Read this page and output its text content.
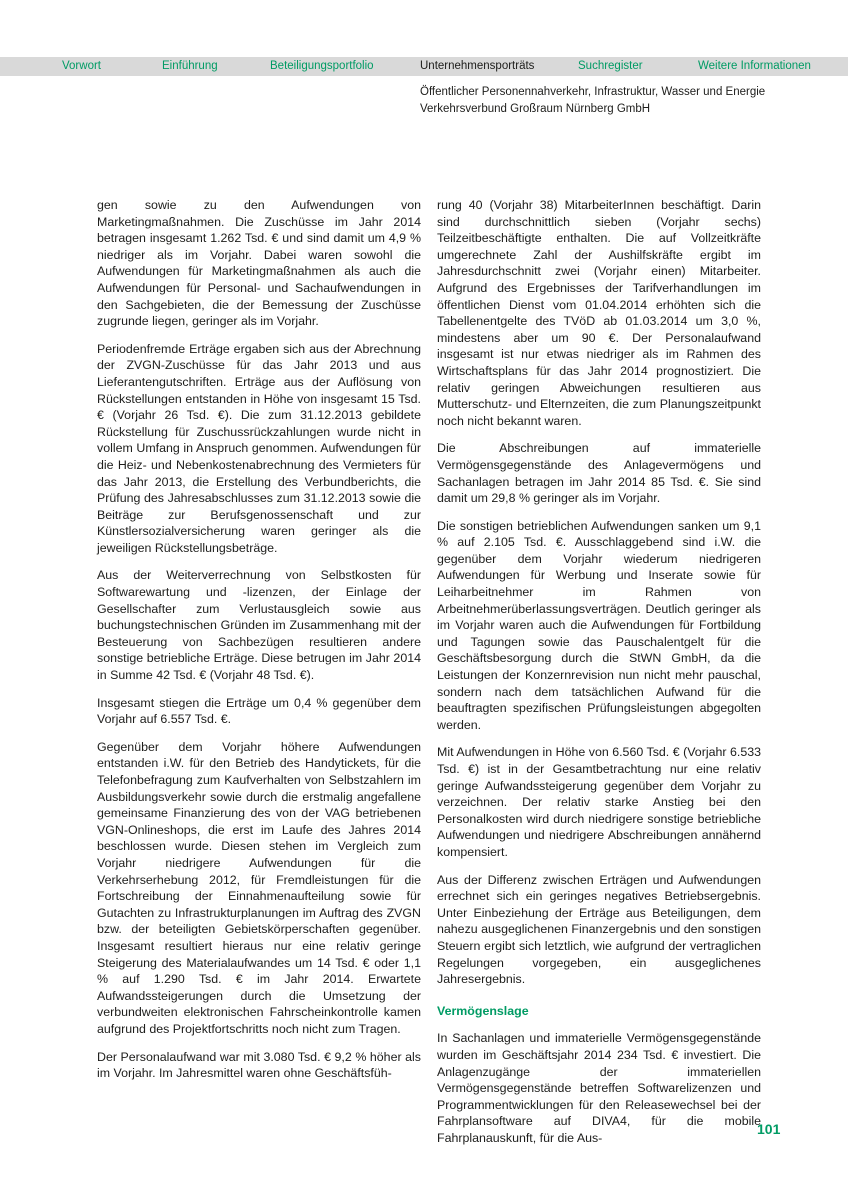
Vorwort	Einführung	Beteiligungsportfolio	Unternehmensporträts	Suchregister	Weitere Informationen
Öffentlicher Personennahverkehr, Infrastruktur, Wasser und Energie
Verkehrsverbund Großraum Nürnberg GmbH

gen sowie zu den Aufwendungen von Marketingmaßnahmen. Die Zuschüsse im Jahr 2014 betragen insgesamt 1.262 Tsd. € und sind damit um 4,9 % niedriger als im Vorjahr. Dabei waren sowohl die Aufwendungen für Marketingmaßnahmen als auch die Aufwendungen für Personal- und Sachaufwendungen in den Sachgebieten, die der Bemessung der Zuschüsse zugrunde liegen, geringer als im Vorjahr.

Periodenfremde Erträge ergaben sich aus der Abrechnung der ZVGN-Zuschüsse für das Jahr 2013 und aus Lieferantengutschriften. Erträge aus der Auflösung von Rückstellungen entstanden in Höhe von insgesamt 15 Tsd. € (Vorjahr 26 Tsd. €). Die zum 31.12.2013 gebildete Rückstellung für Zuschussrückzahlungen wurde nicht in vollem Umfang in Anspruch genommen. Aufwendungen für die Heiz- und Nebenkostenabrechnung des Vermieters für das Jahr 2013, die Erstellung des Verbundberichts, die Prüfung des Jahresabschlusses zum 31.12.2013 sowie die Beiträge zur Berufsgenossenschaft und zur Künstlersozialversicherung waren geringer als die jeweiligen Rückstellungsbeträge.

Aus der Weiterverrechnung von Selbstkosten für Softwarewartung und -lizenzen, der Einlage der Gesellschafter zum Verlustausgleich sowie aus buchungstechnischen Gründen im Zusammenhang mit der Besteuerung von Sachbezügen resultieren andere sonstige betriebliche Erträge. Diese betrugen im Jahr 2014 in Summe 42 Tsd. € (Vorjahr 48 Tsd. €).

Insgesamt stiegen die Erträge um 0,4 % gegenüber dem Vorjahr auf 6.557 Tsd. €.

Gegenüber dem Vorjahr höhere Aufwendungen entstanden i.W. für den Betrieb des Handytickets, für die Telefonbefragung zum Kaufverhalten von Selbstzahlern im Ausbildungsverkehr sowie durch die erstmalig angefallene gemeinsame Finanzierung des von der VAG betriebenen VGN-Onlineshops, die erst im Laufe des Jahres 2014 beschlossen wurde. Diesen stehen im Vergleich zum Vorjahr niedrigere Aufwendungen für die Verkehrserhebung 2012, für Fremdleistungen für die Fortschreibung der Einnahmenaufteilung sowie für Gutachten zu Infrastrukturplanungen im Auftrag des ZVGN bzw. der beteiligten Gebietskörperschaften gegenüber. Insgesamt resultiert hieraus nur eine relativ geringe Steigerung des Materialaufwandes um 14 Tsd. € oder 1,1 % auf 1.290 Tsd. € im Jahr 2014. Erwartete Aufwandssteigerungen durch die Umsetzung der verbundweiten elektronischen Fahrscheinkontrolle kamen aufgrund des Projektfortschritts noch nicht zum Tragen.

Der Personalaufwand war mit 3.080 Tsd. € 9,2 % höher als im Vorjahr. Im Jahresmittel waren ohne Geschäftsfüh-

rung 40 (Vorjahr 38) MitarbeiterInnen beschäftigt. Darin sind durchschnittlich sieben (Vorjahr sechs) Teilzeitbeschäftigte enthalten. Die auf Vollzeitkräfte umgerechnete Zahl der Aushilfskräfte ergibt im Jahresdurchschnitt zwei (Vorjahr einen) Mitarbeiter. Aufgrund des Ergebnisses der Tarifverhandlungen im öffentlichen Dienst vom 01.04.2014 erhöhten sich die Tabellenentgelte des TVöD ab 01.03.2014 um 3,0 %, mindestens aber um 90 €. Der Personalaufwand insgesamt ist nur etwas niedriger als im Rahmen des Wirtschaftsplans für das Jahr 2014 prognostiziert. Die relativ geringen Abweichungen resultieren aus Mutterschutz- und Elternzeiten, die zum Planungszeitpunkt noch nicht bekannt waren.

Die Abschreibungen auf immaterielle Vermögensgegenstände des Anlagevermögens und Sachanlagen betragen im Jahr 2014 85 Tsd. €. Sie sind damit um 29,8 % geringer als im Vorjahr.

Die sonstigen betrieblichen Aufwendungen sanken um 9,1 % auf 2.105 Tsd. €. Ausschlaggebend sind i.W. die gegenüber dem Vorjahr wiederum niedrigeren Aufwendungen für Werbung und Inserate sowie für Leiharbeitnehmer im Rahmen von Arbeitnehmerüberlassungsverträgen. Deutlich geringer als im Vorjahr waren auch die Aufwendungen für Fortbildung und Tagungen sowie das Pauschalentgelt für die Geschäftsbesorgung durch die StWN GmbH, da die Leistungen der Konzernrevision nun nicht mehr pauschal, sondern nach dem tatsächlichen Aufwand für die beauftragten spezifischen Prüfungsleistungen abgegolten werden.

Mit Aufwendungen in Höhe von 6.560 Tsd. € (Vorjahr 6.533 Tsd. €) ist in der Gesamtbetrachtung nur eine relativ geringe Aufwandssteigerung gegenüber dem Vorjahr zu verzeichnen. Der relativ starke Anstieg bei den Personalkosten wird durch niedrigere sonstige betriebliche Aufwendungen und niedrigere Abschreibungen annähernd kompensiert.

Aus der Differenz zwischen Erträgen und Aufwendungen errechnet sich ein geringes negatives Betriebsergebnis. Unter Einbeziehung der Erträge aus Beteiligungen, dem nahezu ausgeglichenen Finanzergebnis und den sonstigen Steuern ergibt sich letztlich, wie aufgrund der vertraglichen Regelungen vorgegeben, ein ausgeglichenes Jahresergebnis.

Vermögenslage

In Sachanlagen und immaterielle Vermögensgegenstände wurden im Geschäftsjahr 2014 234 Tsd. € investiert. Die Anlagenzugänge der immateriellen Vermögensgegenstände betreffen Softwarelizenzen und Programmentwicklungen für den Releasewechsel bei der Fahrplansoftware auf DIVA4, für die mobile Fahrplanauskunft, für die Aus-

101
